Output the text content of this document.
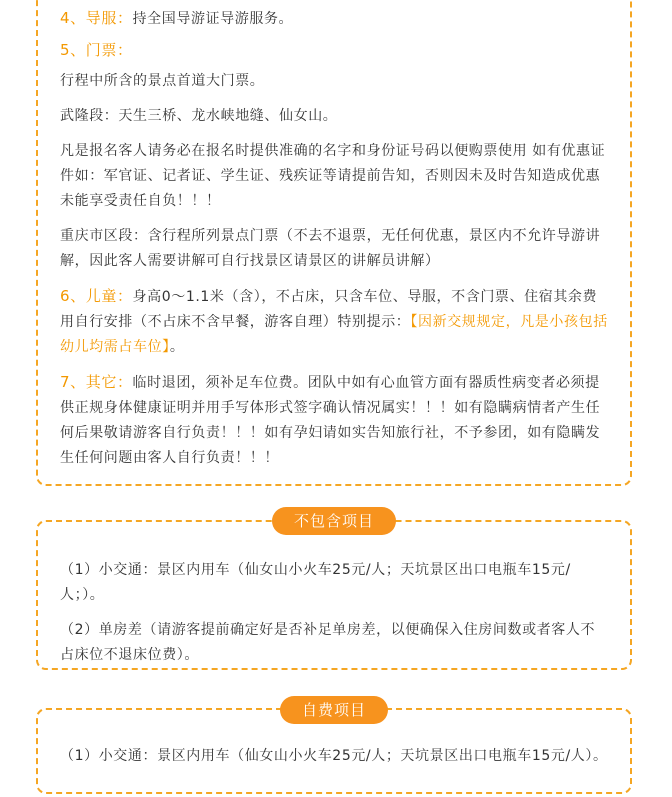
4、导服：持全国导游证导游服务。

5、门票：

行程中所含的景点首道大门票。

武隆段：天生三桥、龙水峡地缝、仙女山。

凡是报名客人请务必在报名时提供准确的名字和身份证号码以便购票使用 如有优惠证件如：军官证、记者证、学生证、残疾证等请提前告知，否则因未及时告知造成优惠未能享受责任自负！！！

重庆市区段：含行程所列景点门票（不去不退票，无任何优惠，景区内不允许导游讲解，因此客人需要讲解可自行找景区请景区的讲解员讲解）

6、儿童：身高0～1.1米（含），不占床，只含车位、导服，不含门票、住宿其余费用自行安排（不占床不含早餐，游客自理）特别提示：【因新交规规定，凡是小孩包括幼儿均需占车位】。

7、其它：临时退团，须补足车位费。团队中如有心血管方面有器质性病变者必须提供正规身体健康证明并用手写体形式签字确认情况属实！！！如有隐瞒病情者产生任何后果敬请游客自行负责！！！如有孕妇请如实告知旅行社，不予参团，如有隐瞒发生任何问题由客人自行负责！！！

不包含项目

（1）小交通：景区内用车（仙女山小火车25元/人；天坑景区出口电瓶车15元/人；）。

（2）单房差（请游客提前确定好是否补足单房差，以便确保入住房间数或者客人不占床位不退床位费）。

自费项目

（1）小交通：景区内用车（仙女山小火车25元/人；天坑景区出口电瓶车15元/人）。
